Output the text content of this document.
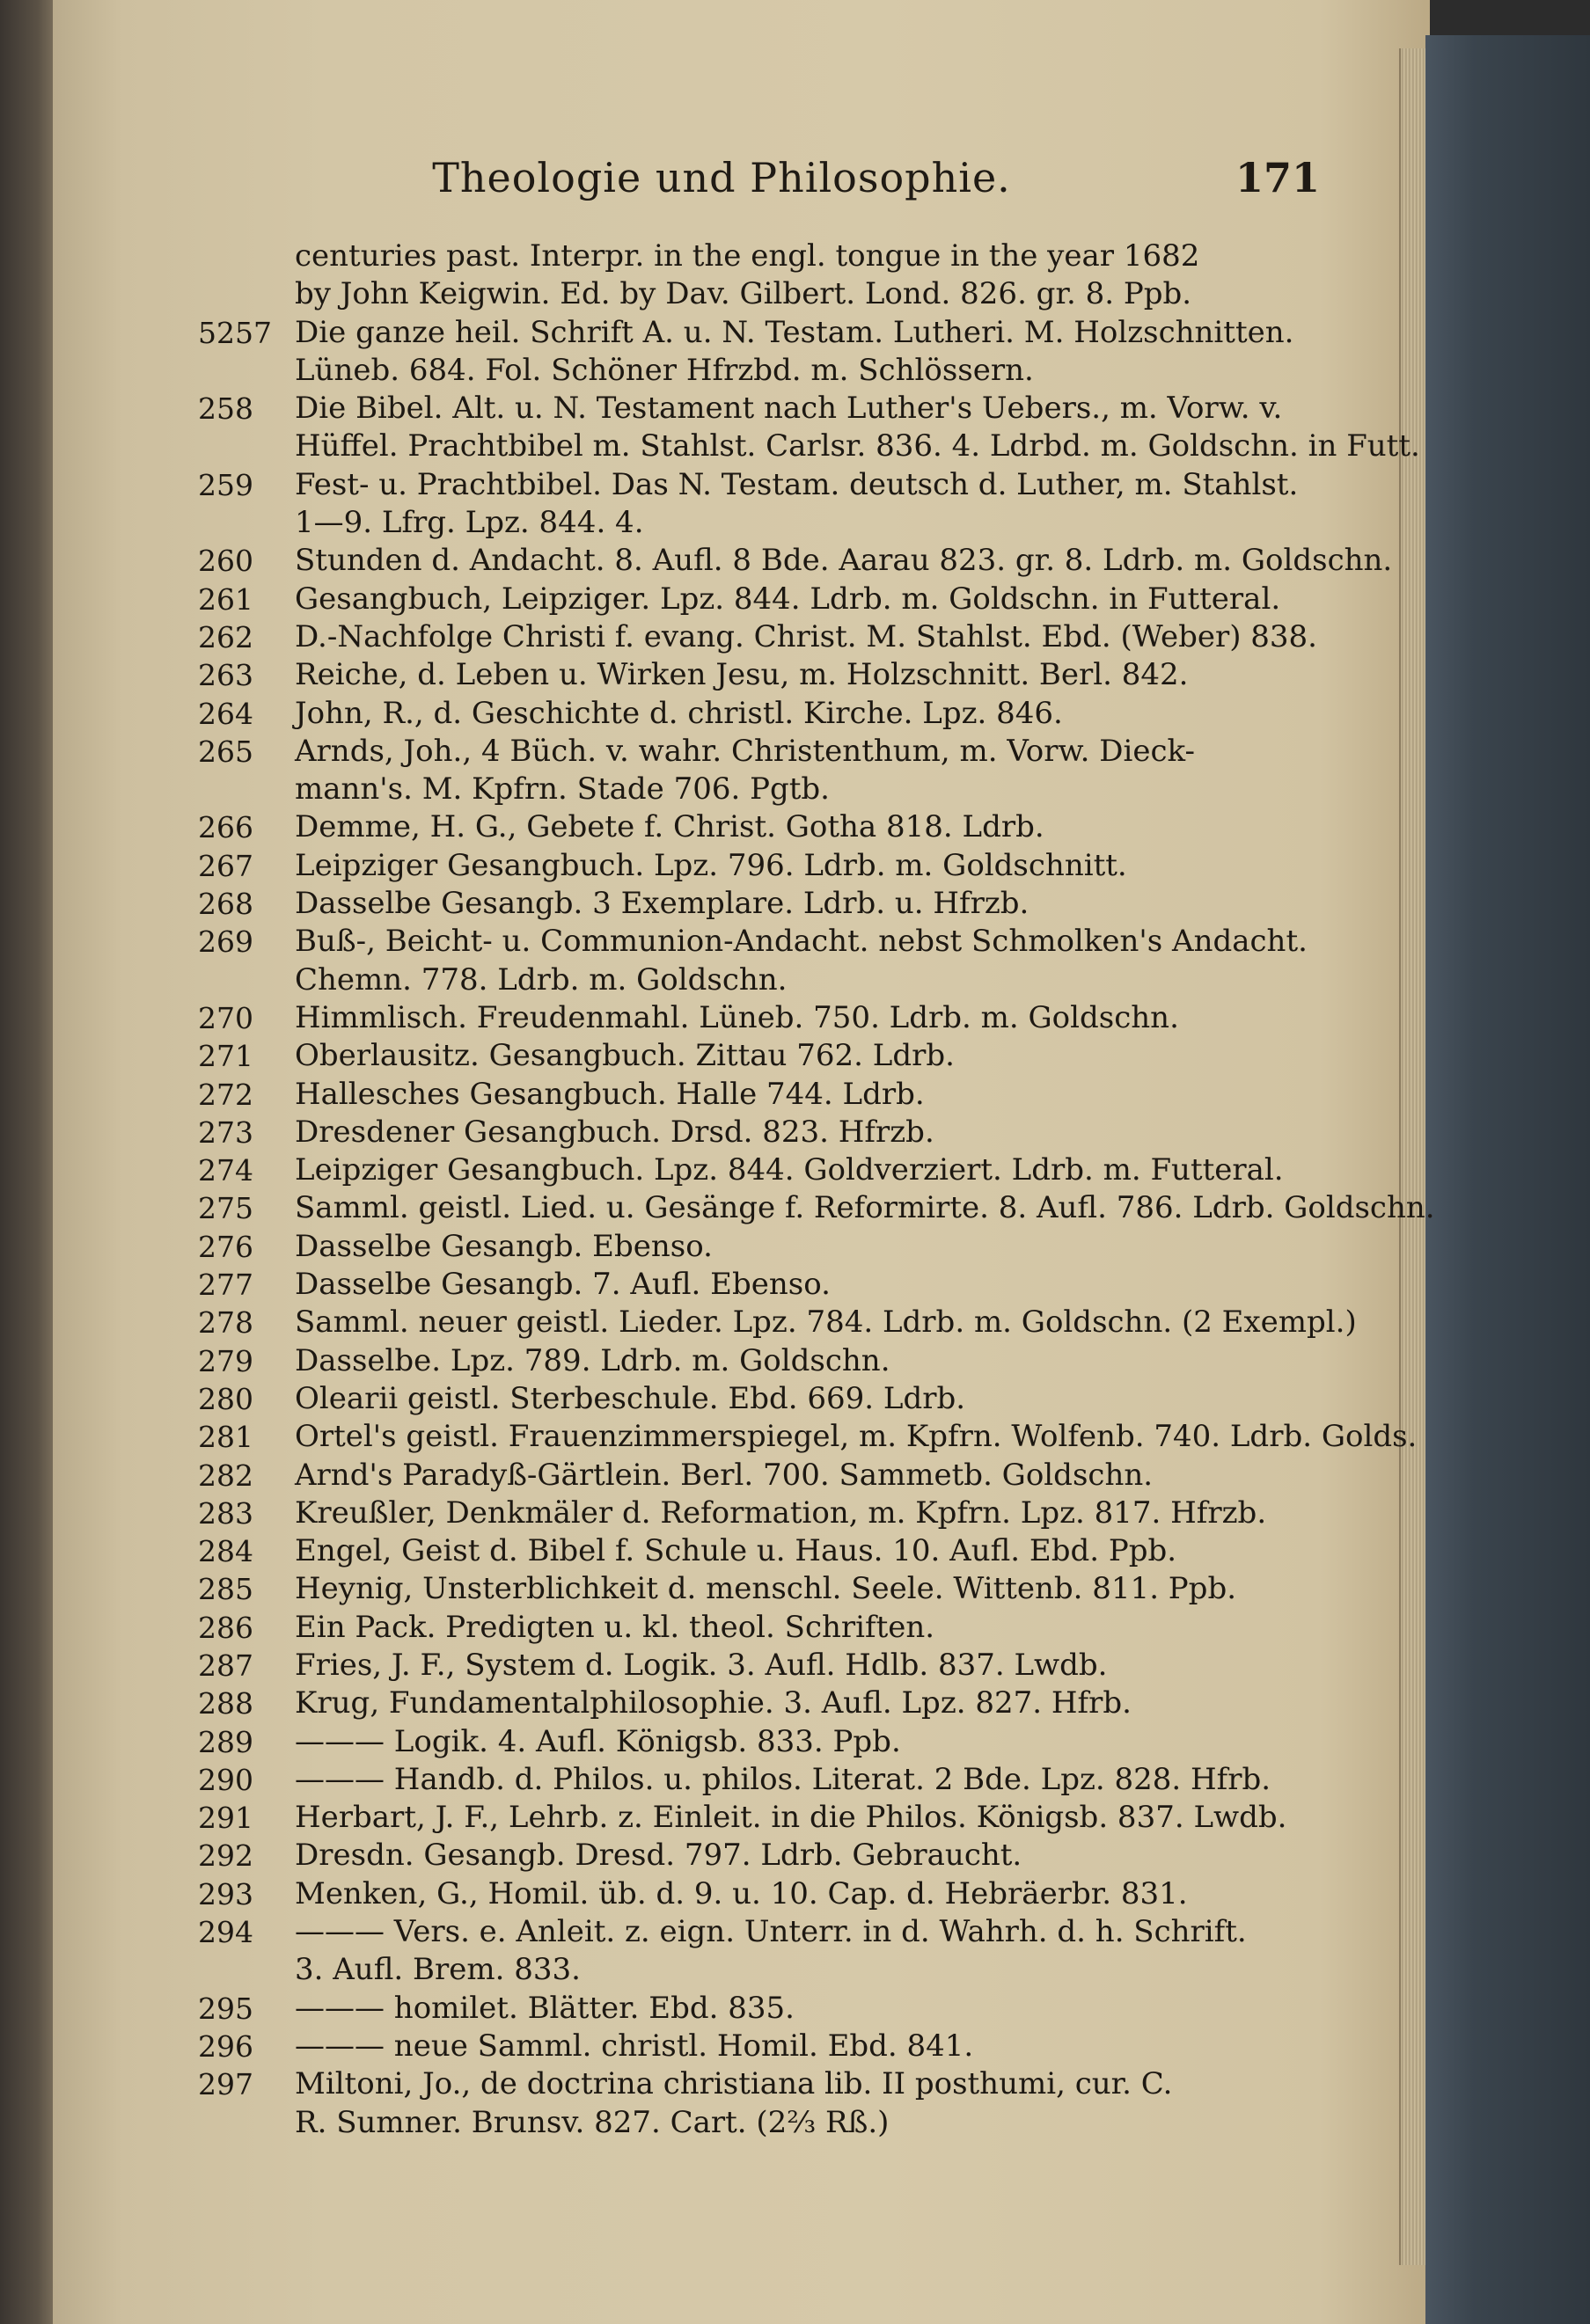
Theologie und Philosophie.	171
centuries past. Interpr. in the engl. tongue in the year 1682
by John Keigwin. Ed. by Dav. Gilbert. Lond. 826. gr. 8. Ppb.
5257 Die ganze heil. Schrift A. u. N. Testam. Lutheri. M. Holzschnitten.
Lüneb. 684. Fol. Schöner Hfrzbd. m. Schlössern.
258	Die Bibel. Alt. u. N. Testament nach Luther's Uebers., m. Vorw. v.
Hüffel. Prachtbibel m. Stahlst. Carlsr. 836. 4. Ldrbd. m. Goldschn. in Futt.
259	Fest- u. Prachtbibel. Das N. Testam. deutsch d. Luther, m. Stahlst.
1—9. Lfrg. Lpz. 844. 4.
260	Stunden d. Andacht. 8. Aufl. 8 Bde. Aarau 823. gr. 8. Ldrb. m. Goldschn.
261	Gesangbuch, Leipziger. Lpz. 844. Ldrb. m. Goldschn. in Futteral.
262	D.-Nachfolge Christi f. evang. Christ. M. Stahlst. Ebd. (Weber) 838.
263	Reiche, d. Leben u. Wirken Jesu, m. Holzschnitt. Berl. 842.
264	John, R., d. Geschichte d. christl. Kirche. Lpz. 846.
265	Arnds, Joh., 4 Büch. v. wahr. Christenthum, m. Vorw. Dieck-
mann's. M. Kpfrn. Stade 706. Pgtb.
266	Demme, H. G., Gebete f. Christ. Gotha 818. Ldrb.
267	Leipziger Gesangbuch. Lpz. 796. Ldrb. m. Goldschnitt.
268	Dasselbe Gesangb. 3 Exemplare. Ldrb. u. Hfrzb.
269	Buß-, Beicht- u. Communion-Andacht. nebst Schmolken's Andacht.
Chemn. 778. Ldrb. m. Goldschn.
270	Himmlisch. Freudenmahl. Lüneb. 750. Ldrb. m. Goldschn.
271	Oberlausitz. Gesangbuch. Zittau 762. Ldrb.
272	Hallesches Gesangbuch. Halle 744. Ldrb.
273	Dresdener Gesangbuch. Drsd. 823. Hfrzb.
274	Leipziger Gesangbuch. Lpz. 844. Goldverziert. Ldrb. m. Futteral.
275	Samml. geistl. Lied. u. Gesänge f. Reformirte. 8. Aufl. 786. Ldrb. Goldschn.
276	Dasselbe Gesangb. Ebenso.
277	Dasselbe Gesangb. 7. Aufl. Ebenso.
278	Samml. neuer geistl. Lieder. Lpz. 784. Ldrb. m. Goldschn. (2 Exempl.)
279	Dasselbe. Lpz. 789. Ldrb. m. Goldschn.
280	Olearii geistl. Sterbeschule. Ebd. 669. Ldrb.
281	Ortel's geistl. Frauenzimmerspiegel, m. Kpfrn. Wolfenb. 740. Ldrb. Golds.
282	Arnd's Paradyß-Gärtlein. Berl. 700. Sammetb. Goldschn.
283	Kreußler, Denkmäler d. Reformation, m. Kpfrn. Lpz. 817. Hfrzb.
284	Engel, Geist d. Bibel f. Schule u. Haus. 10. Aufl. Ebd. Ppb.
285	Heynig, Unsterblichkeit d. menschl. Seele. Wittenb. 811. Ppb.
286	Ein Pack. Predigten u. kl. theol. Schriften.
287	Fries, J. F., System d. Logik. 3. Aufl. Hdlb. 837. Lwdb.
288	Krug, Fundamentalphilosophie. 3. Aufl. Lpz. 827. Hfrb.
289	——— Logik. 4. Aufl. Königsb. 833. Ppb.
290	——— Handb. d. Philos. u. philos. Literat. 2 Bde. Lpz. 828. Hfrb.
291	Herbart, J. F., Lehrb. z. Einleit. in die Philos. Königsb. 837. Lwdb.
292	Dresdn. Gesangb. Dresd. 797. Ldrb. Gebraucht.
293	Menken, G., Homil. üb. d. 9. u. 10. Cap. d. Hebräerbr. 831.
294	——— Vers. e. Anleit. z. eign. Unterr. in d. Wahrh. d. h. Schrift.
3. Aufl. Brem. 833.
295	——— homilet. Blätter. Ebd. 835.
296	——— neue Samml. christl. Homil. Ebd. 841.
297	Miltoni, Jo., de doctrina christiana lib. II posthumi, cur. C.
R. Sumner. Brunsv. 827. Cart. (2⅔ Rß.)
